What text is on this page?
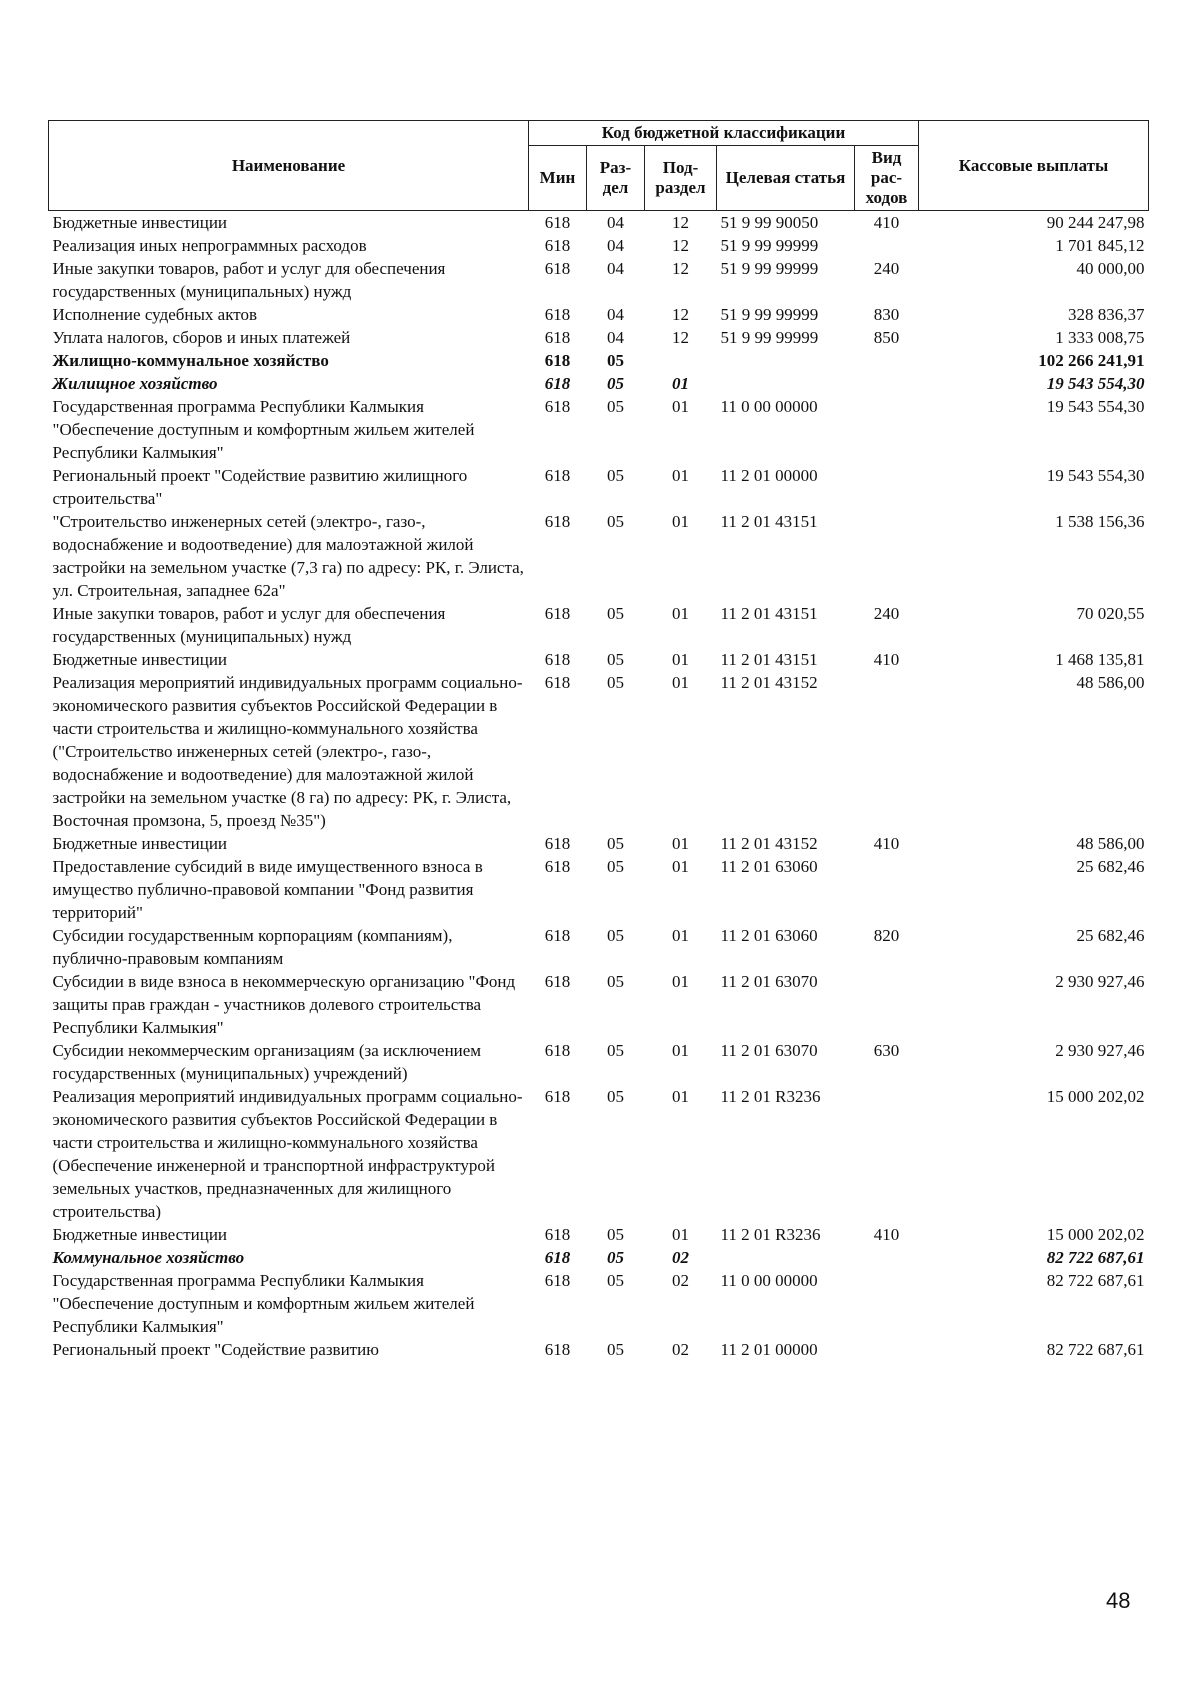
Наименование	Код бюджетной классификации					Кассовые выплаты
	Мин	Раз-дел	Под-раздел	Целевая статья	Вид рас-ходов	
Бюджетные инвестиции	618	04	12	51 9 99 90050	410	90 244 247,98
Реализация иных непрограммных расходов	618	04	12	51 9 99 99999		1 701 845,12
Иные закупки товаров, работ и услуг для обеспечения государственных (муниципальных) нужд	618	04	12	51 9 99 99999	240	40 000,00
Исполнение судебных актов	618	04	12	51 9 99 99999	830	328 836,37
Уплата налогов, сборов и иных платежей	618	04	12	51 9 99 99999	850	1 333 008,75
Жилищно-коммунальное хозяйство	618	05				102 266 241,91
Жилищное хозяйство	618	05	01			19 543 554,30
Государственная программа Республики Калмыкия "Обеспечение доступным и комфортным жильем жителей Республики Калмыкия"	618	05	01	11 0 00 00000		19 543 554,30
Региональный проект "Содействие развитию жилищного строительства"	618	05	01	11 2 01 00000		19 543 554,30
"Строительство инженерных сетей (электро-, газо-, водоснабжение и водоотведение) для малоэтажной жилой застройки на земельном участке (7,3 га) по адресу: РК, г. Элиста, ул. Строительная, западнее 62а"	618	05	01	11 2 01 43151		1 538 156,36
Иные закупки товаров, работ и услуг для обеспечения государственных (муниципальных) нужд	618	05	01	11 2 01 43151	240	70 020,55
Бюджетные инвестиции	618	05	01	11 2 01 43151	410	1 468 135,81
Реализация мероприятий индивидуальных программ социально-экономического развития субъектов Российской Федерации в части строительства и жилищно-коммунального хозяйства ("Строительство инженерных сетей (электро-, газо-, водоснабжение и водоотведение) для малоэтажной жилой застройки на земельном участке (8 га) по адресу: РК, г. Элиста, Восточная промзона, 5, проезд №35")	618	05	01	11 2 01 43152		48 586,00
Бюджетные инвестиции	618	05	01	11 2 01 43152	410	48 586,00
Предоставление субсидий в виде имущественного взноса в имущество публично-правовой компании "Фонд развития территорий"	618	05	01	11 2 01 63060		25 682,46
Субсидии государственным корпорациям (компаниям), публично-правовым компаниям	618	05	01	11 2 01 63060	820	25 682,46
Субсидии в виде взноса в некоммерческую организацию "Фонд защиты прав граждан - участников долевого строительства Республики Калмыкия"	618	05	01	11 2 01 63070		2 930 927,46
Субсидии некоммерческим организациям (за исключением государственных (муниципальных) учреждений)	618	05	01	11 2 01 63070	630	2 930 927,46
Реализация мероприятий индивидуальных программ социально-экономического развития субъектов Российской Федерации в части строительства и жилищно-коммунального хозяйства (Обеспечение инженерной и транспортной инфраструктурой земельных участков, предназначенных для жилищного строительства)	618	05	01	11 2 01 R3236		15 000 202,02
Бюджетные инвестиции	618	05	01	11 2 01 R3236	410	15 000 202,02
Коммунальное хозяйство	618	05	02			82 722 687,61
Государственная программа Республики Калмыкия "Обеспечение доступным и комфортным жильем жителей Республики Калмыкия"	618	05	02	11 0 00 00000		82 722 687,61
Региональный проект "Содействие развитию	618	05	02	11 2 01 00000		82 722 687,61
48
